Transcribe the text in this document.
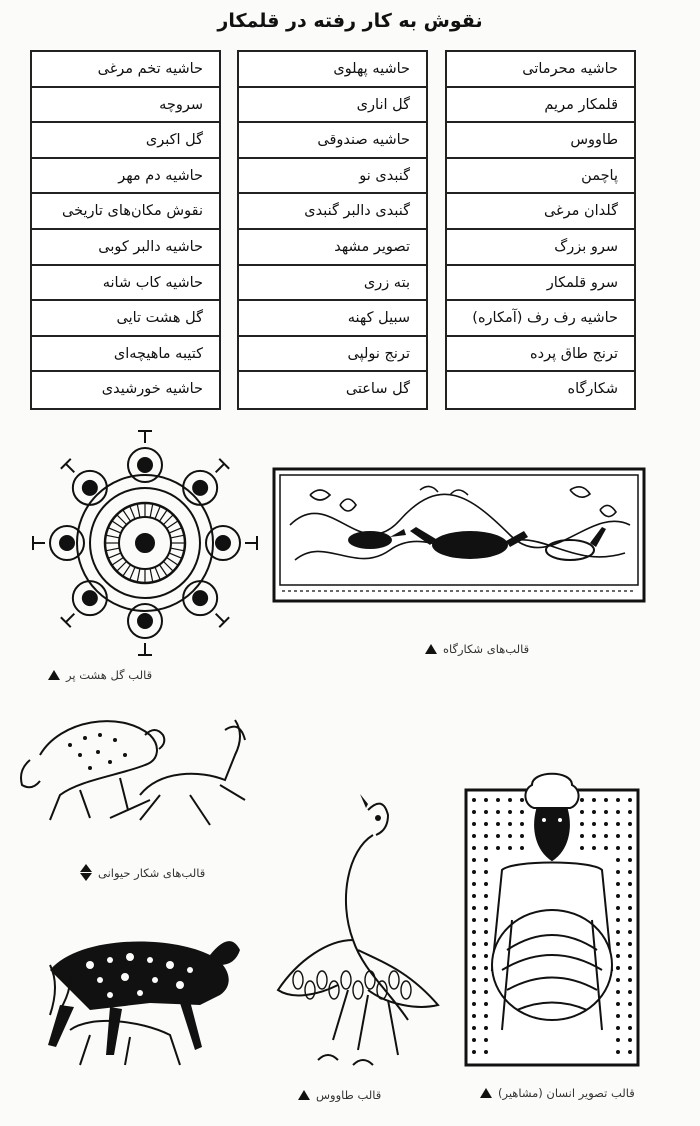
نقوش به کار رفته در قلمکار
حاشیه محرماتی
قلمکار مریم
طاووس
پاچمن
گلدان مرغی
سرو بزرگ
سرو قلمکار
حاشیه رف رف (آمکاره)
ترنج طاق پرده
شکارگاه
حاشیه پهلوی
گل اناری
حاشیه صندوقی
گنبدی نو
گنبدی دالبر گنبدی
تصویر مشهد
بته زری
سبیل کهنه
ترنج نولپی
گل ساعتی
حاشیه تخم مرغی
سروچه
گل اکبری
حاشیه دم مهر
نقوش مکان‌های تاریخی
حاشیه دالبر کوبی
حاشیه کاب شانه
گل هشت تایی
کتیبه ماهیچه‌ای
حاشیه خورشیدی
قالب‌های شکارگاه
قالب گل هشت پر
قالب‌های شکار حیوانی
قالب طاووس	قالب تصویر انسان (مشاهیر)
